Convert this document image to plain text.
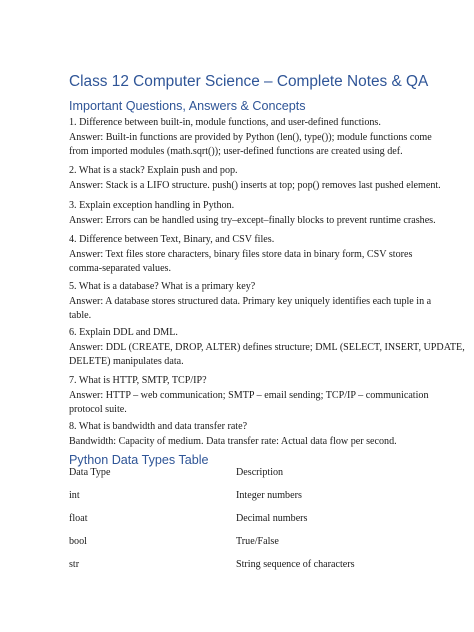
Class 12 Computer Science – Complete Notes & QA
Important Questions, Answers & Concepts
1. Difference between built-in, module functions, and user-defined functions.
Answer: Built-in functions are provided by Python (len(), type()); module functions come
from imported modules (math.sqrt()); user-defined functions are created using def.
2. What is a stack? Explain push and pop.
Answer: Stack is a LIFO structure. push() inserts at top; pop() removes last pushed element.
3. Explain exception handling in Python.
Answer: Errors can be handled using try–except–finally blocks to prevent runtime crashes.
4. Difference between Text, Binary, and CSV files.
Answer: Text files store characters, binary files store data in binary form, CSV stores
comma-separated values.
5. What is a database? What is a primary key?
Answer: A database stores structured data. Primary key uniquely identifies each tuple in a
table.
6. Explain DDL and DML.
Answer: DDL (CREATE, DROP, ALTER) defines structure; DML (SELECT, INSERT, UPDATE,
DELETE) manipulates data.
7. What is HTTP, SMTP, TCP/IP?
Answer: HTTP – web communication; SMTP – email sending; TCP/IP – communication
protocol suite.
8. What is bandwidth and data transfer rate?
Bandwidth: Capacity of medium. Data transfer rate: Actual data flow per second.
Python Data Types Table
Data Type	Description
int	Integer numbers
float	Decimal numbers
bool	True/False
str	String sequence of characters
